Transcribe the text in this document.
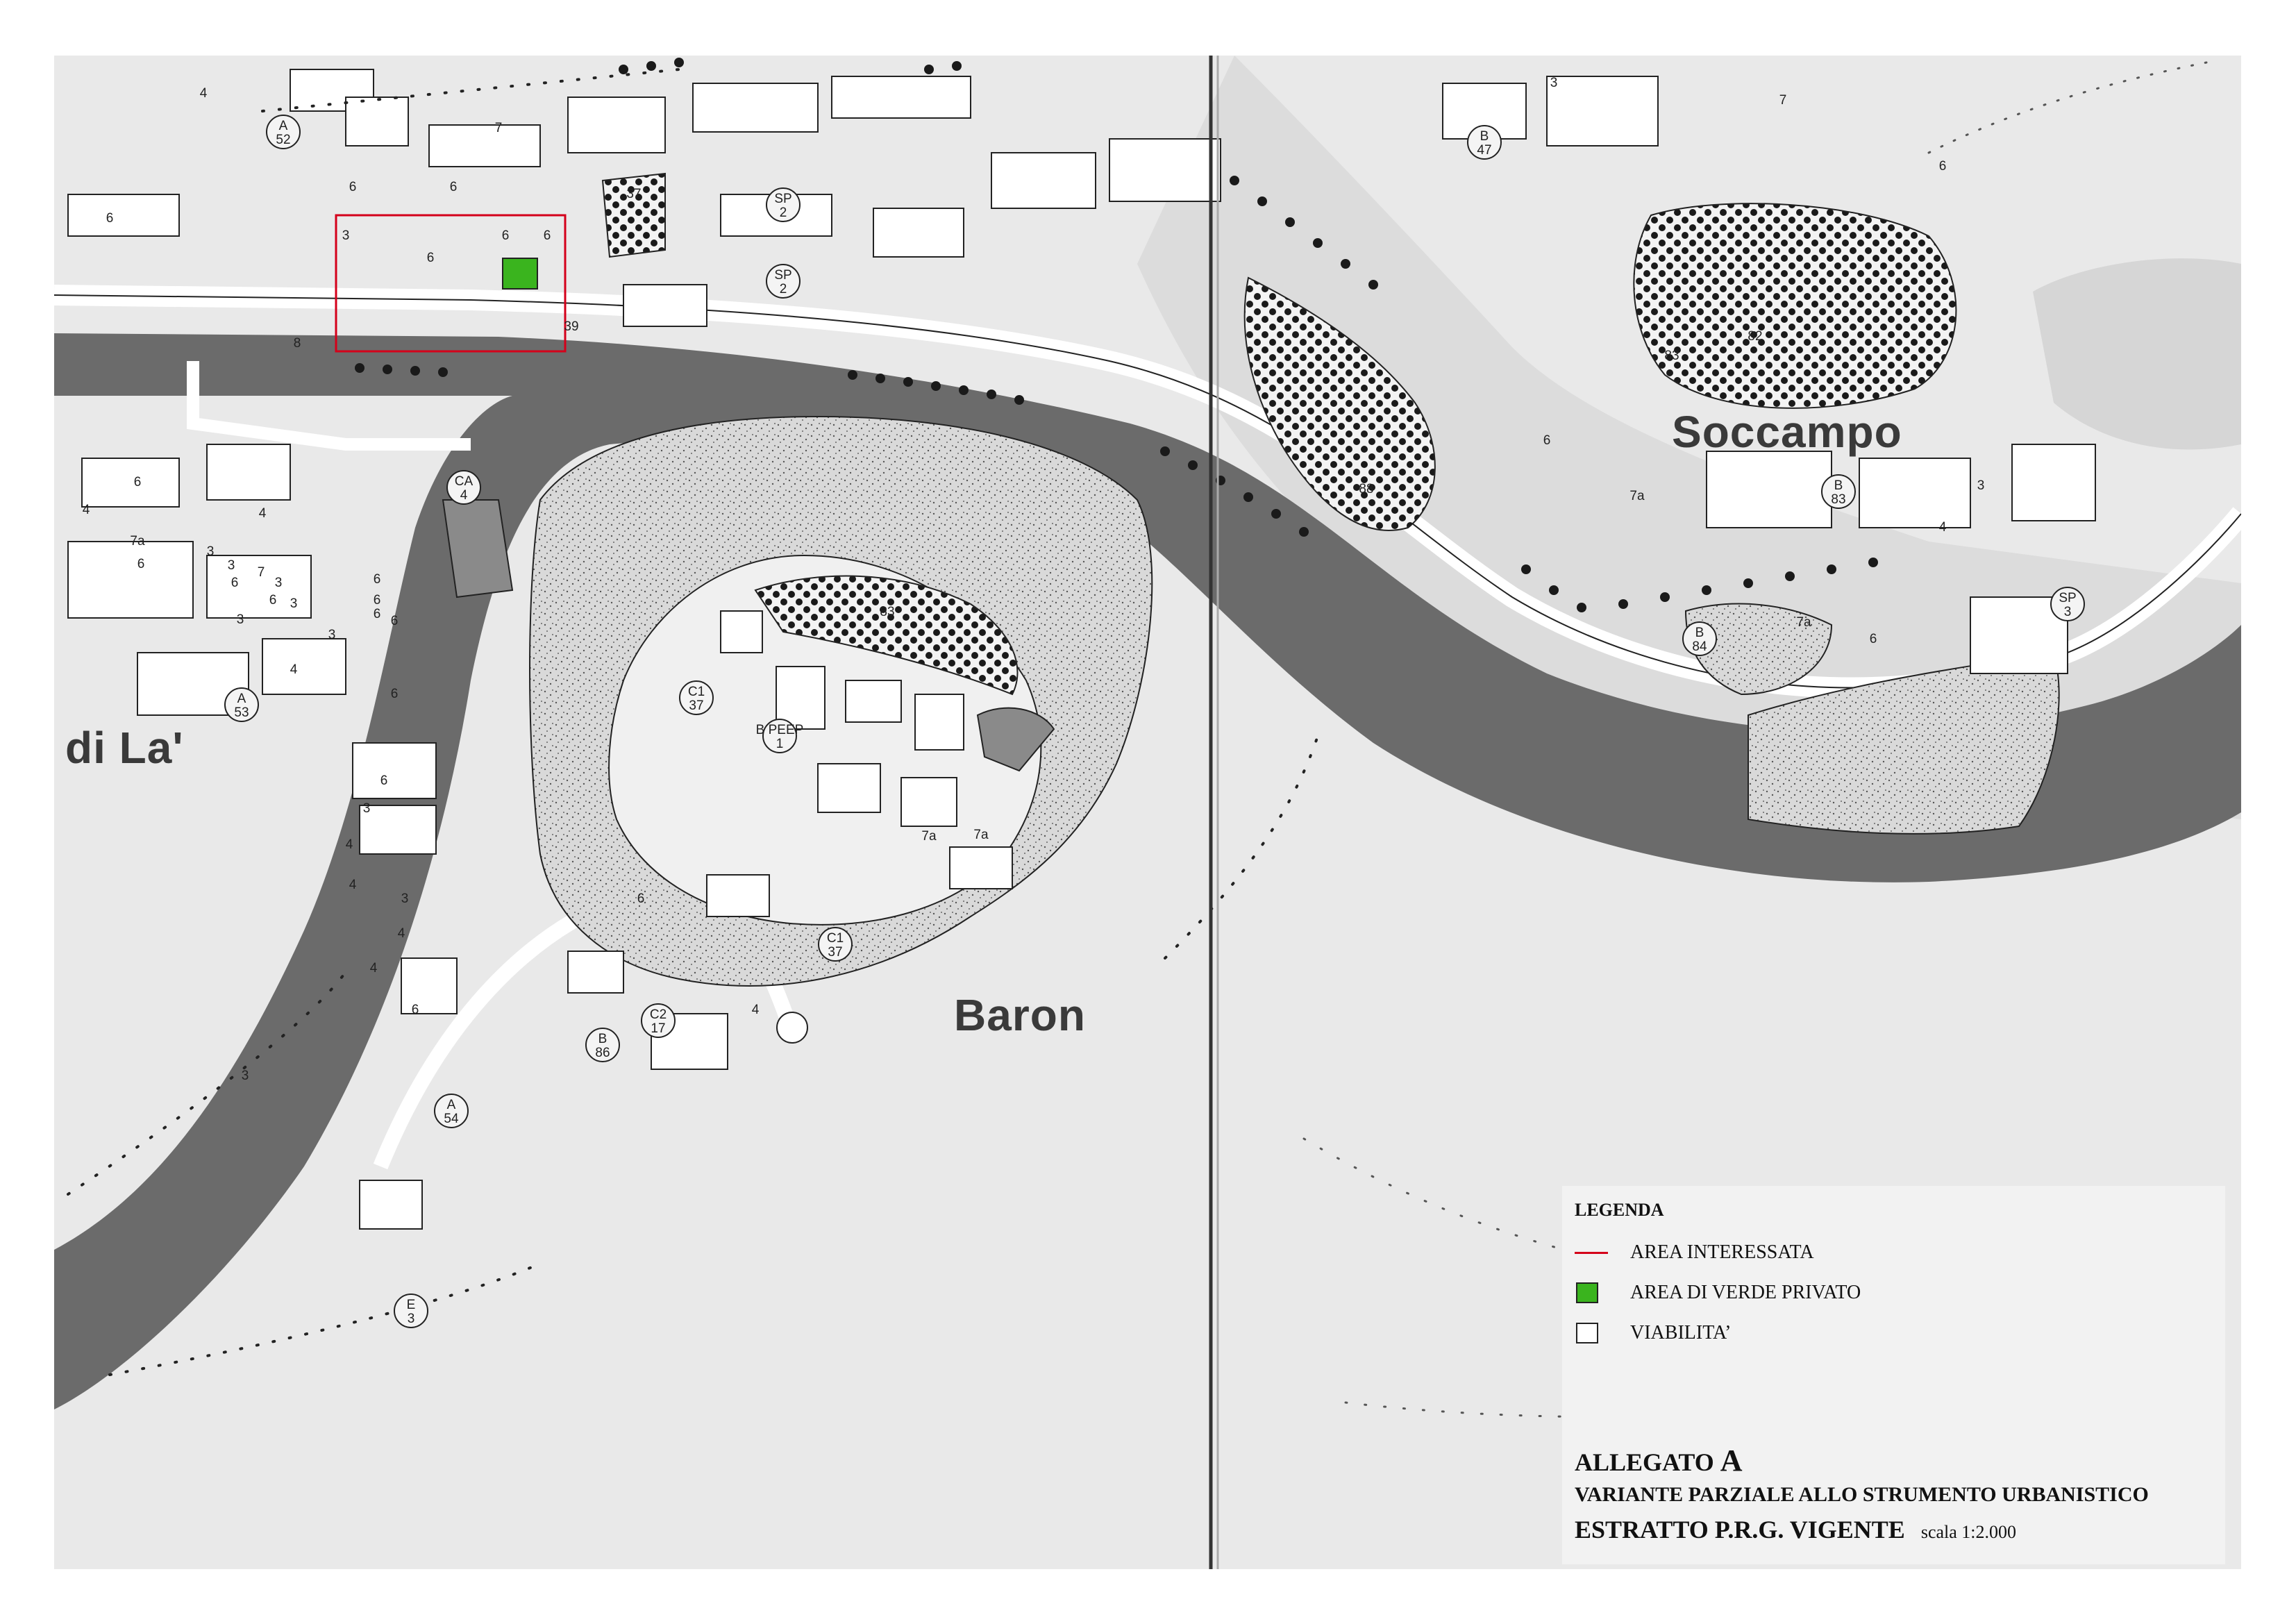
A
52
SP
2
SP
2
CA
4
A
53
C1
37
B PEEP
1
C1
37
C2
17
B
86
A
54
E
3
B
47
B
83
B
84
SP
3
37
39
83
83
82
88	7a
7a
7a
6
6	6
7
6	6
6
3
4
8
6
4
7a
6
3
3
4
6
7
6
3
3
3
3
4
6
6
6 6
6
6
3
4
4
3
4
4
6
7a
4
6
3
6
6
4
7
3
6
3
Soccampo
Baron
di La'
LEGENDA
AREA INTERESSATA
AREA DI VERDE PRIVATO
VIABILITA’
ALLEGATO A
VARIANTE PARZIALE ALLO STRUMENTO URBANISTICO
ESTRATTO P.R.G. VIGENTE scala 1:2.000
